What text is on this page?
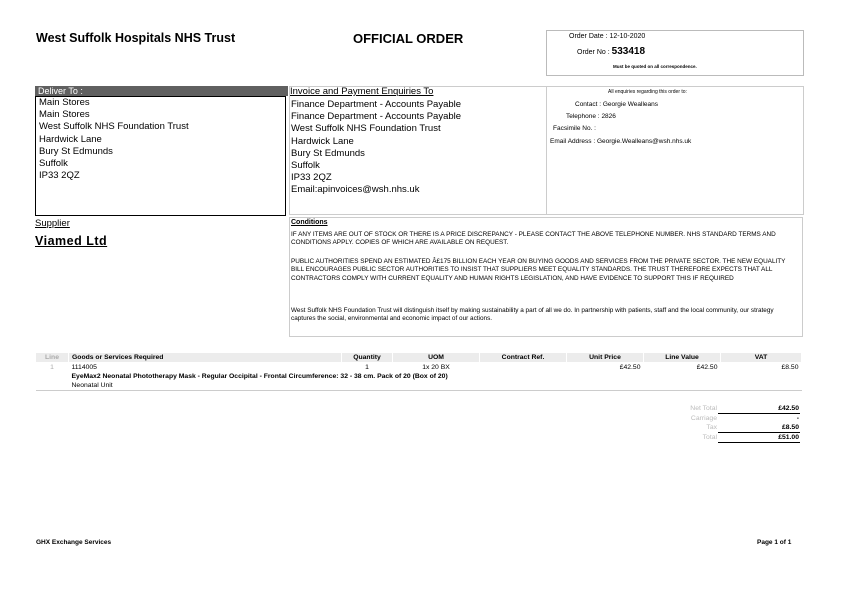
West Suffolk Hospitals NHS Trust	OFFICIAL ORDER	Order Date : 12-10-2020
Order No : 533418
Must be quoted on all correspondence.
Deliver To :
Main Stores
Main Stores
West Suffolk NHS Foundation Trust
Hardwick Lane
Bury St Edmunds
Suffolk
IP33 2QZ
Invoice and Payment Enquiries To
Finance Department - Accounts Payable
Finance Department - Accounts Payable
West Suffolk NHS Foundation Trust
Hardwick Lane
Bury St Edmunds
Suffolk
IP33 2QZ
Email:apinvoices@wsh.nhs.uk
All enquiries regarding this order to:
Contact : Georgie Wealleans
Telephone : 2826
Facsimile No. :
Email Address : Georgie.Wealleans@wsh.nhs.uk
Supplier
Viamed Ltd
Conditions
IF ANY ITEMS ARE OUT OF STOCK OR THERE IS A PRICE DISCREPANCY - PLEASE CONTACT THE ABOVE TELEPHONE NUMBER. NHS STANDARD TERMS AND CONDITIONS APPLY. COPIES OF WHICH ARE AVAILABLE ON REQUEST.
PUBLIC AUTHORITIES SPEND AN ESTIMATED Â£175 BILLION EACH YEAR ON BUYING GOODS AND SERVICES FROM THE PRIVATE SECTOR. THE NEW EQUALITY BILL ENCOURAGES PUBLIC SECTOR AUTHORITIES TO INSIST THAT SUPPLIERS MEET EQUALITY STANDARDS. THE TRUST THEREFORE EXPECTS THAT ALL CONTRACTORS COMPLY WITH CURRENT EQUALITY AND HUMAN RIGHTS LEGISLATION, AND HAVE EVIDENCE TO SUPPORT THIS IF REQUIRED
West Suffolk NHS Foundation Trust will distinguish itself by making sustainability a part of all we do. In partnership with patients, staff and the local community, our strategy captures the social, environmental and economic impact of our actions.
Line	Goods or Services Required	Quantity	UOM	Contract Ref.	Unit Price	Line Value	VAT
1	1114005	1	1x 20 BX		£42.50	£42.50	£8.50
	EyeMax2 Neonatal Phototherapy Mask - Regular Occipital - Frontal Circumference: 32 - 38 cm. Pack of 20 (Box of 20)						
	Neonatal Unit						
Net Total	£42.50
Carriage	-
Tax	£8.50
Total	£51.00
GHX Exchange Services	Page 1 of 1
